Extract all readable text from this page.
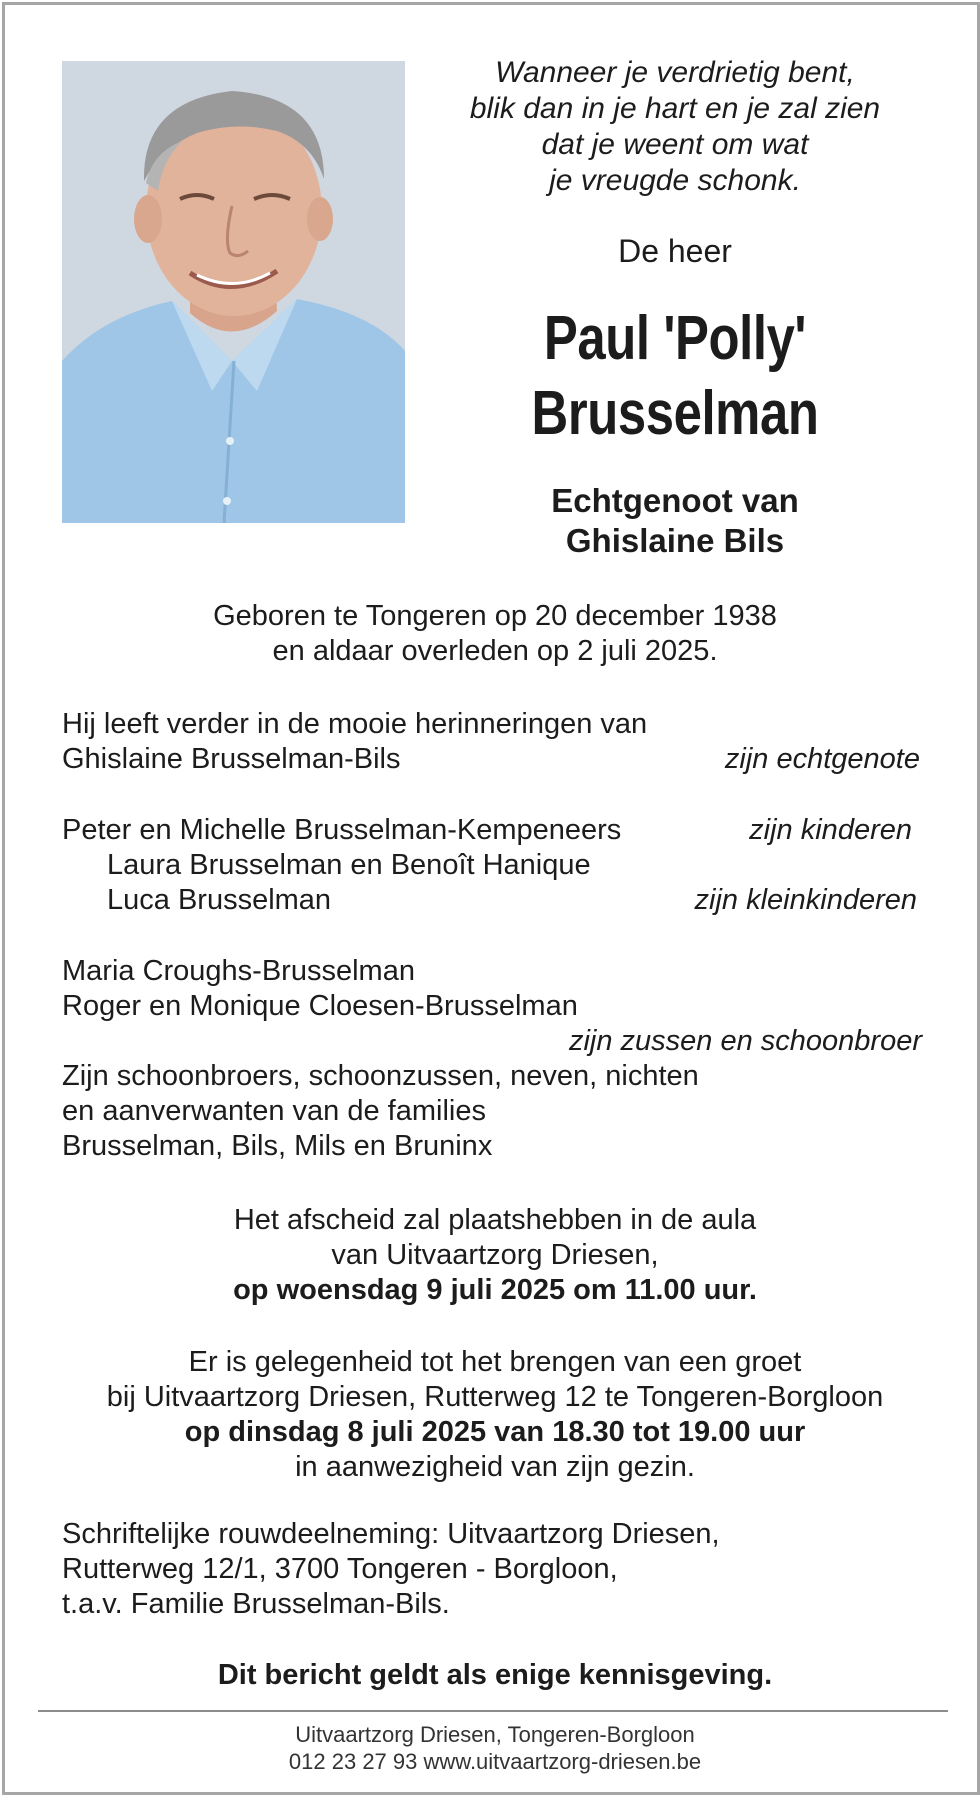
Wanneer je verdrietig bent,
blik dan in je hart en je zal zien
dat je weent om wat
je vreugde schonk.
De heer
Paul 'Polly'
Brusselman
Echtgenoot van
Ghislaine Bils
Geboren te Tongeren op 20 december 1938
en aldaar overleden op 2 juli 2025.
Hij leeft verder in de mooie herinneringen van
Ghislaine Brusselman-Bils	zijn echtgenote
Peter en Michelle Brusselman-Kempeneers	zijn kinderen
Laura Brusselman en Benoît Hanique
Luca Brusselman	zijn kleinkinderen
Maria Croughs-Brusselman
Roger en Monique Cloesen-Brusselman
zijn zussen en schoonbroer
Zijn schoonbroers, schoonzussen, neven, nichten
en aanverwanten van de families
Brusselman, Bils, Mils en Bruninx
Het afscheid zal plaatshebben in de aula
van Uitvaartzorg Driesen,
op woensdag 9 juli 2025 om 11.00 uur.
Er is gelegenheid tot het brengen van een groet
bij Uitvaartzorg Driesen, Rutterweg 12 te Tongeren-Borgloon
op dinsdag 8 juli 2025 van 18.30 tot 19.00 uur
in aanwezigheid van zijn gezin.
Schriftelijke rouwdeelneming: Uitvaartzorg Driesen,
Rutterweg 12/1, 3700 Tongeren - Borgloon,
t.a.v. Familie Brusselman-Bils.
Dit bericht geldt als enige kennisgeving.
Uitvaartzorg Driesen, Tongeren-Borgloon
012 23 27 93 www.uitvaartzorg-driesen.be
